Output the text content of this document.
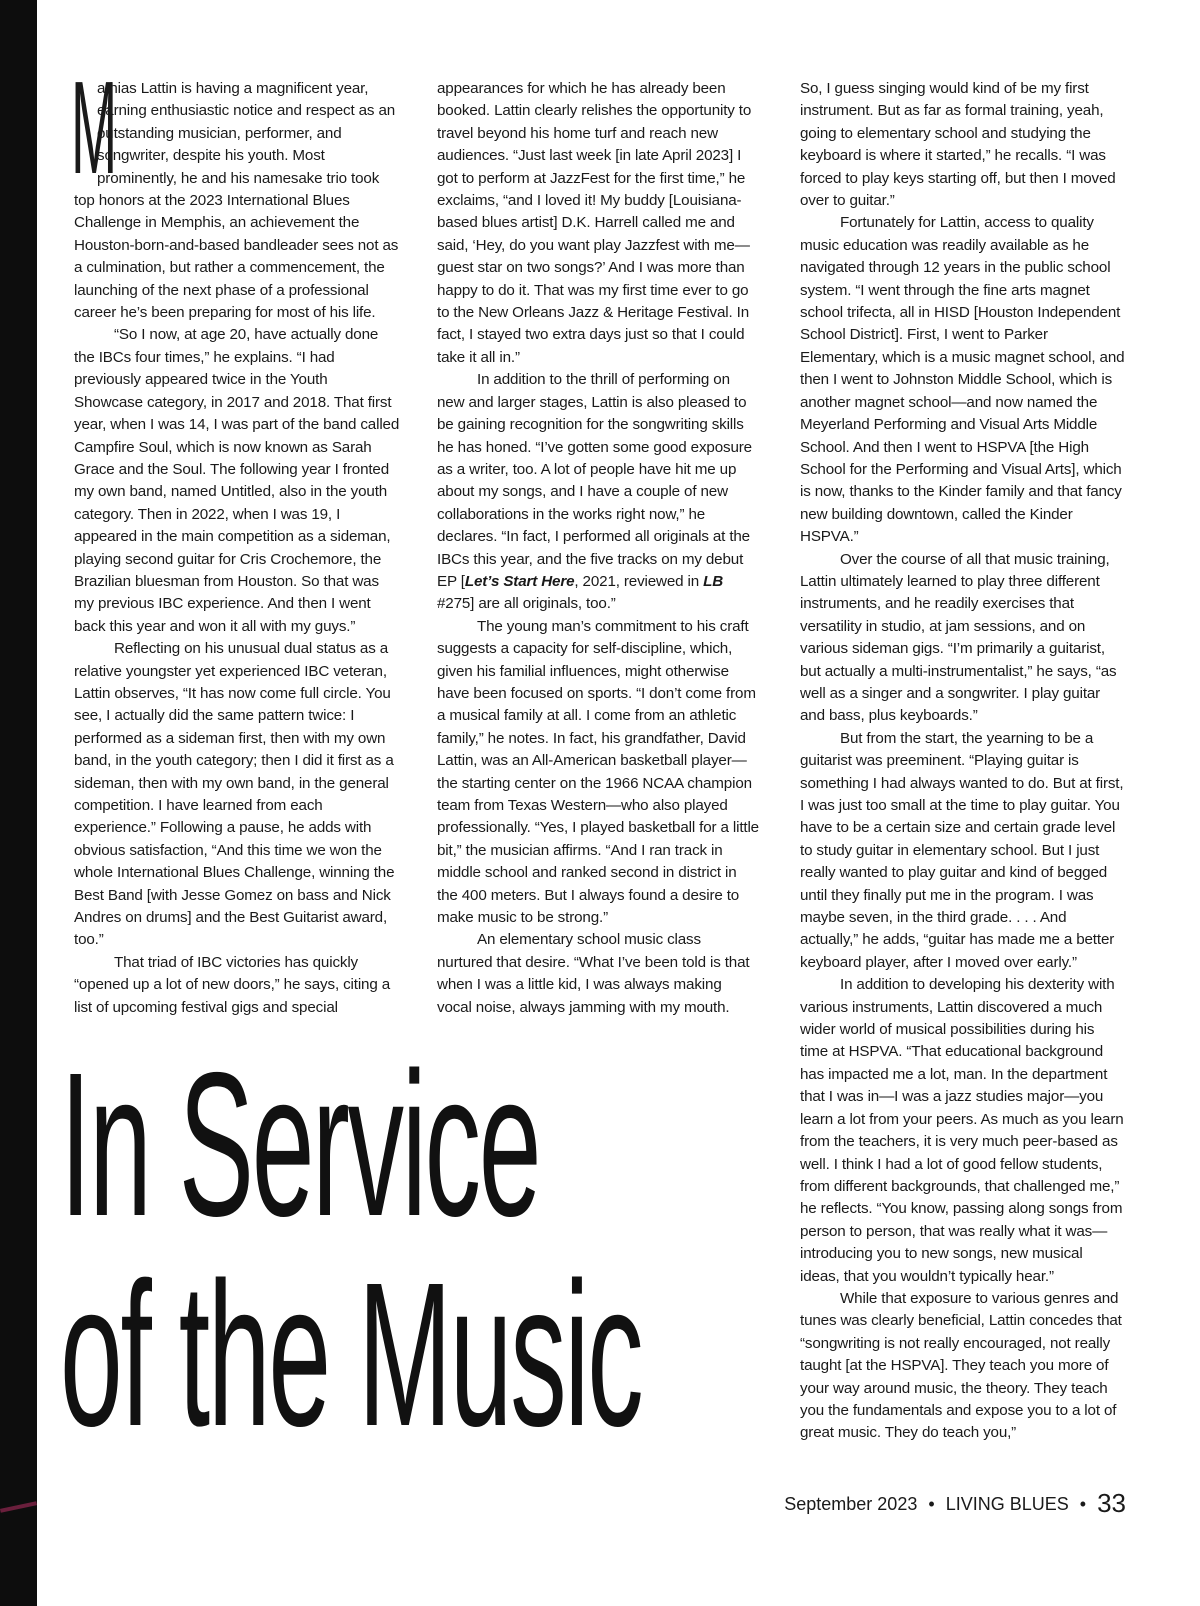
M
athias Lattin is having a magnificent year, earning enthusiastic notice and respect as an outstanding musician, performer, and songwriter, despite his youth. Most prominently, he and his namesake trio took top honors at the 2023 International Blues Challenge in Memphis, an achievement the Houston-born-and-based bandleader sees not as a culmination, but rather a commencement, the launching of the next phase of a professional career he’s been preparing for most of his life.

“So I now, at age 20, have actually done the IBCs four times,” he explains. “I had previously appeared twice in the Youth Showcase category, in 2017 and 2018. That first year, when I was 14, I was part of the band called Campfire Soul, which is now known as Sarah Grace and the Soul. The following year I fronted my own band, named Untitled, also in the youth category. Then in 2022, when I was 19, I appeared in the main competition as a sideman, playing second guitar for Cris Crochemore, the Brazilian bluesman from Houston. So that was my previous IBC experience. And then I went back this year and won it all with my guys.”

Reflecting on his unusual dual status as a relative youngster yet experienced IBC veteran, Lattin observes, “It has now come full circle. You see, I actually did the same pattern twice: I performed as a sideman first, then with my own band, in the youth category; then I did it first as a sideman, then with my own band, in the general competition. I have learned from each experience.” Following a pause, he adds with obvious satisfaction, “And this time we won the whole International Blues Challenge, winning the Best Band [with Jesse Gomez on bass and Nick Andres on drums] and the Best Guitarist award, too.”

That triad of IBC victories has quickly “opened up a lot of new doors,” he says, citing a list of upcoming festival gigs and special

appearances for which he has already been booked. Lattin clearly relishes the opportunity to travel beyond his home turf and reach new audiences. “Just last week [in late April 2023] I got to perform at JazzFest for the first time,” he exclaims, “and I loved it! My buddy [Louisiana-based blues artist] D.K. Harrell called me and said, ‘Hey, do you want play Jazzfest with me—guest star on two songs?’ And I was more than happy to do it. That was my first time ever to go to the New Orleans Jazz & Heritage Festival. In fact, I stayed two extra days just so that I could take it all in.”

In addition to the thrill of performing on new and larger stages, Lattin is also pleased to be gaining recognition for the songwriting skills he has honed. “I’ve gotten some good exposure as a writer, too. A lot of people have hit me up about my songs, and I have a couple of new collaborations in the works right now,” he declares. “In fact, I performed all originals at the IBCs this year, and the five tracks on my debut EP [Let’s Start Here, 2021, reviewed in LB #275] are all originals, too.”

The young man’s commitment to his craft suggests a capacity for self-discipline, which, given his familial influences, might otherwise have been focused on sports. “I don’t come from a musical family at all. I come from an athletic family,” he notes. In fact, his grandfather, David Lattin, was an All-American basketball player—the starting center on the 1966 NCAA champion team from Texas Western—who also played professionally. “Yes, I played basketball for a little bit,” the musician affirms. “And I ran track in middle school and ranked second in district in the 400 meters. But I always found a desire to make music to be strong.”

An elementary school music class nurtured that desire. “What I’ve been told is that when I was a little kid, I was always making vocal noise, always jamming with my mouth.

So, I guess singing would kind of be my first instrument. But as far as formal training, yeah, going to elementary school and studying the keyboard is where it started,” he recalls. “I was forced to play keys starting off, but then I moved over to guitar.”

Fortunately for Lattin, access to quality music education was readily available as he navigated through 12 years in the public school system. “I went through the fine arts magnet school trifecta, all in HISD [Houston Independent School District]. First, I went to Parker Elementary, which is a music magnet school, and then I went to Johnston Middle School, which is another magnet school—and now named the Meyerland Performing and Visual Arts Middle School. And then I went to HSPVA [the High School for the Performing and Visual Arts], which is now, thanks to the Kinder family and that fancy new building downtown, called the Kinder HSPVA.”

Over the course of all that music training, Lattin ultimately learned to play three different instruments, and he readily exercises that versatility in studio, at jam sessions, and on various sideman gigs. “I’m primarily a guitarist, but actually a multi-instrumentalist,” he says, “as well as a singer and a songwriter. I play guitar and bass, plus keyboards.”

But from the start, the yearning to be a guitarist was preeminent. “Playing guitar is something I had always wanted to do. But at first, I was just too small at the time to play guitar. You have to be a certain size and certain grade level to study guitar in elementary school. But I just really wanted to play guitar and kind of begged until they finally put me in the program. I was maybe seven, in the third grade. . . . And actually,” he adds, “guitar has made me a better keyboard player, after I moved over early.”

In addition to developing his dexterity with various instruments, Lattin discovered a much wider world of musical possibilities during his time at HSPVA. “That educational background has impacted me a lot, man. In the department that I was in—I was a jazz studies major—you learn a lot from your peers. As much as you learn from the teachers, it is very much peer-based as well. I think I had a lot of good fellow students, from different backgrounds, that challenged me,” he reflects. “You know, passing along songs from person to person, that was really what it was—introducing you to new songs, new musical ideas, that you wouldn’t typically hear.”

While that exposure to various genres and tunes was clearly beneficial, Lattin concedes that “songwriting is not really encouraged, not really taught [at the HSPVA]. They teach you more of your way around music, the theory. They teach you the fundamentals and expose you to a lot of great music. They do teach you,”

In Service
of the Music
September 2023 • LIVING BLUES • 33
